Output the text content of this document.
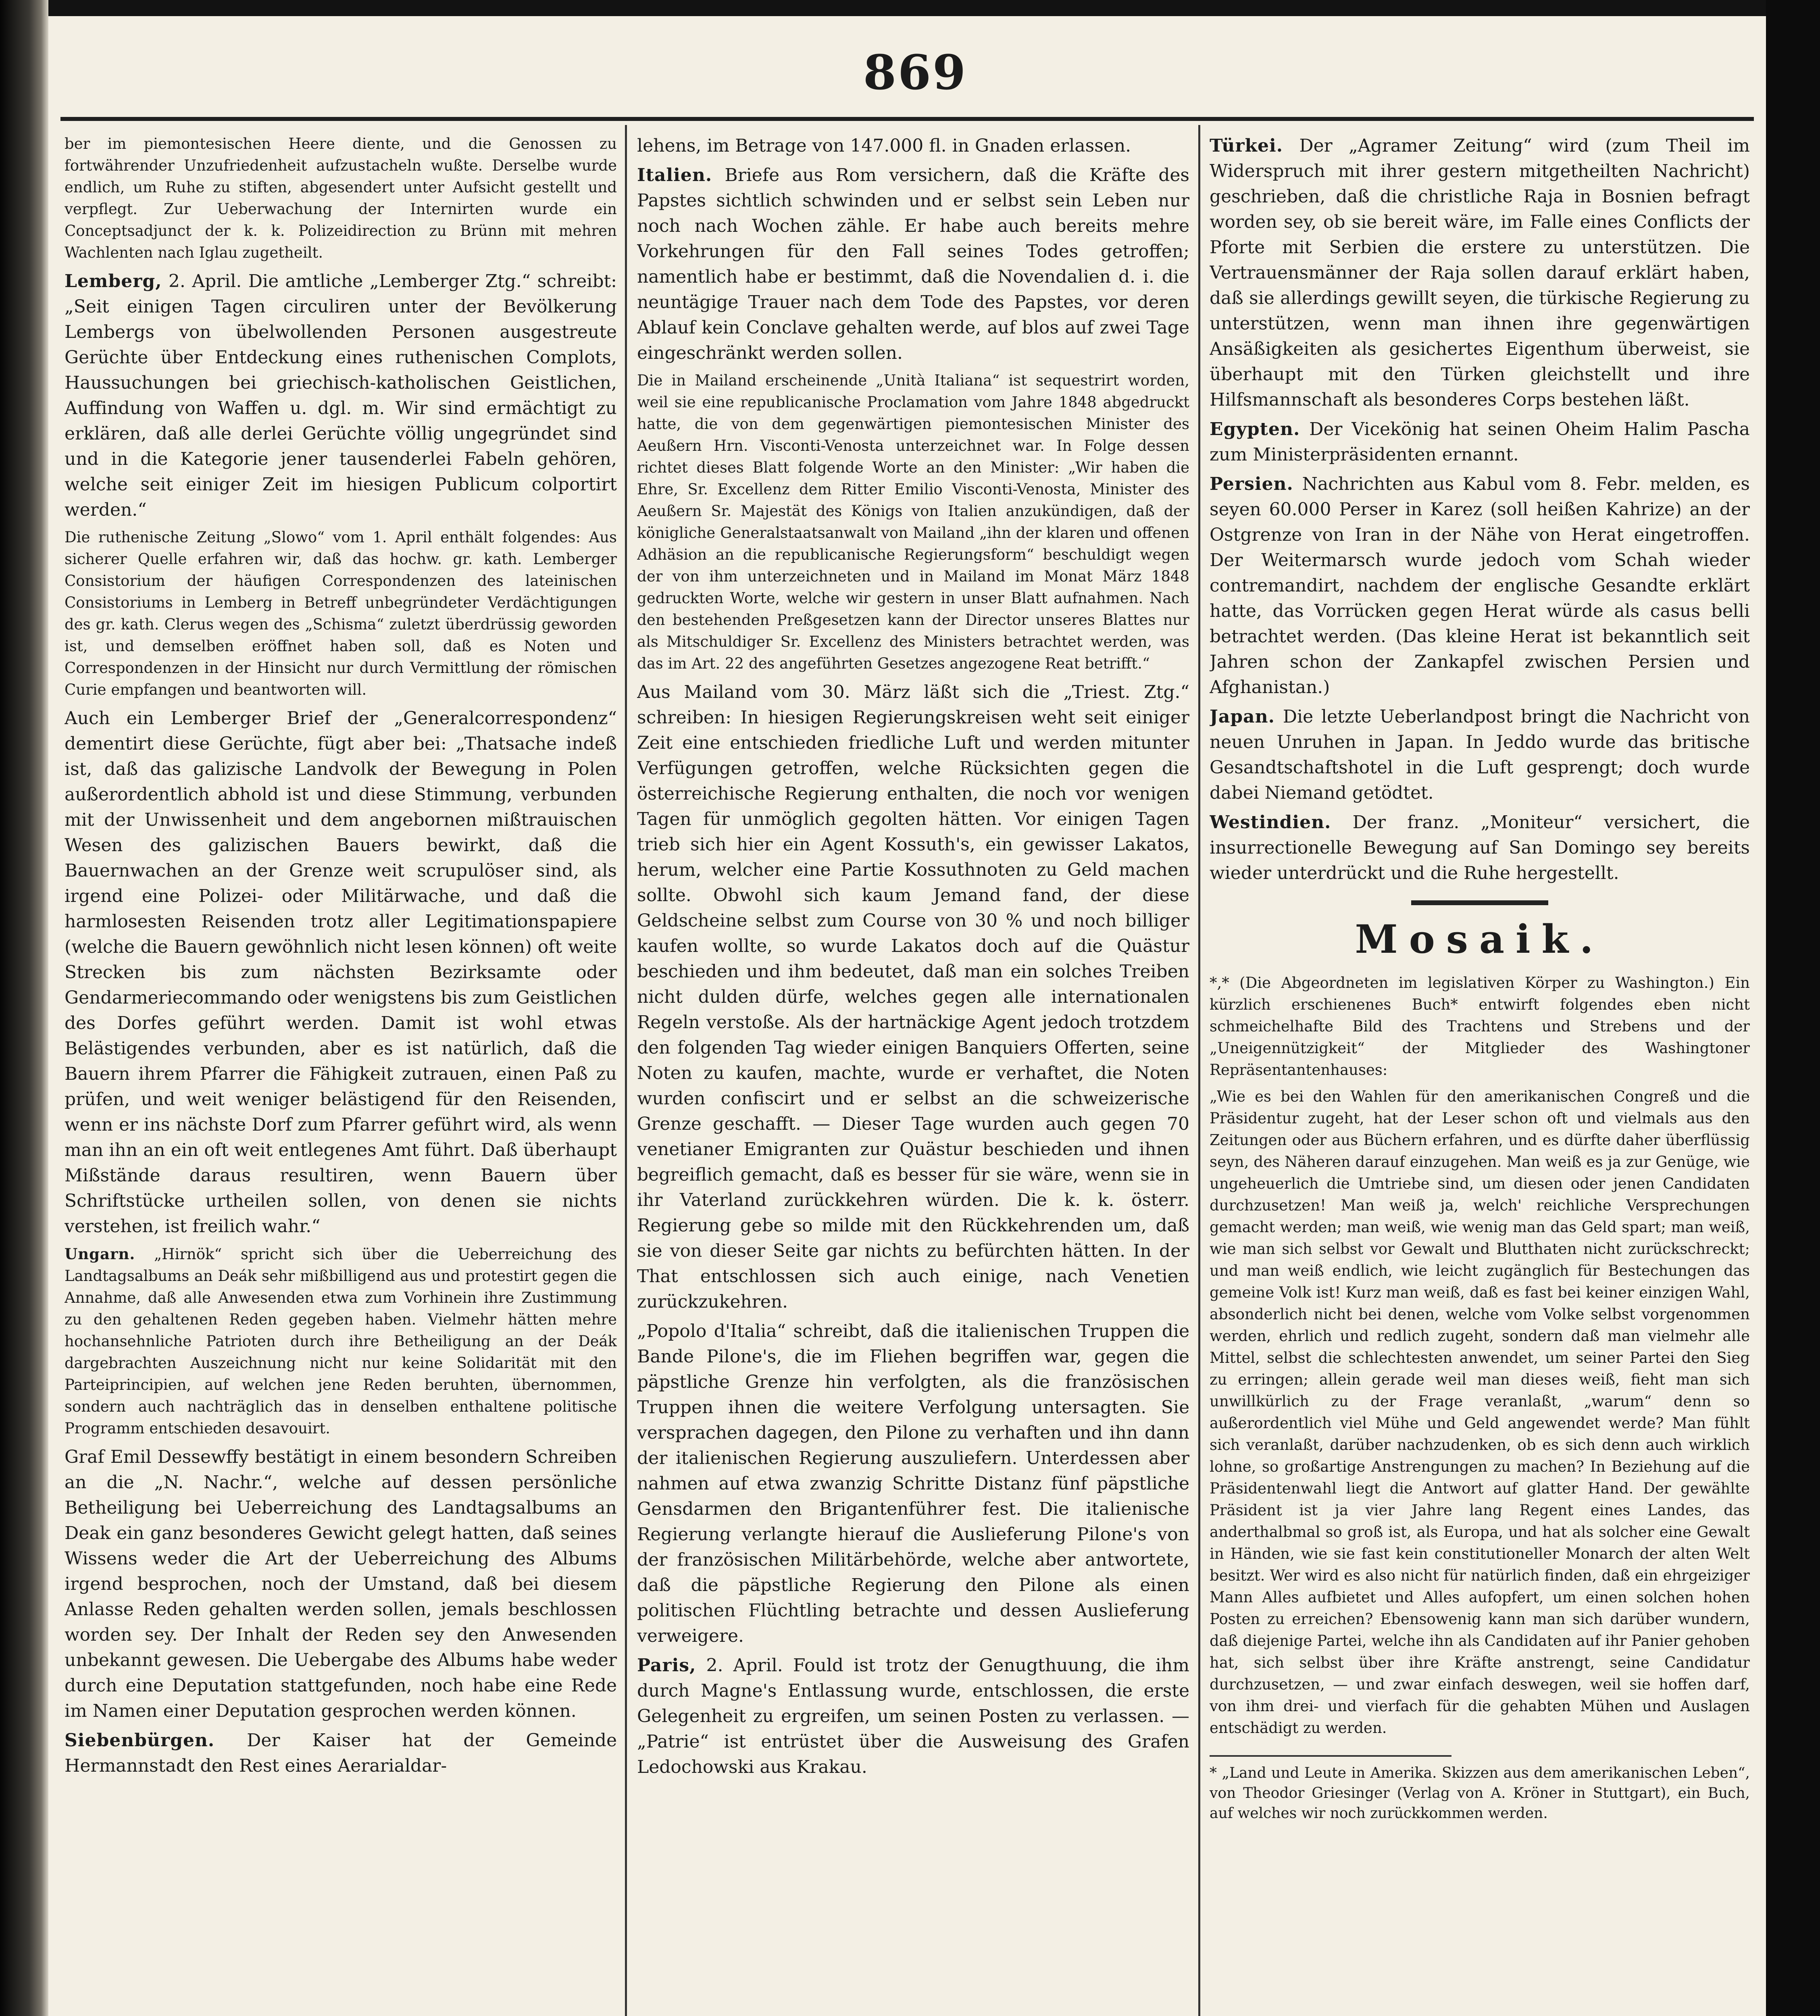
869

ber im piemontesischen Heere diente, und die Genossen zu fortwährender Unzufriedenheit aufzustacheln wußte. Derselbe wurde endlich, um Ruhe zu stiften, abgesendert unter Aufsicht gestellt und verpflegt. Zur Ueberwachung der Internirten wurde ein Conceptsadjunct der k. k. Polizeidirection zu Brünn mit mehren Wachlenten nach Iglau zugetheilt.

Lemberg, 2. April. Die amtliche „Lemberger Ztg.“ schreibt: „Seit einigen Tagen circuliren unter der Bevölkerung Lembergs von übelwollenden Personen ausgestreute Gerüchte über Entdeckung eines ruthenischen Complots, Haussuchungen bei griechisch-katholischen Geistlichen, Auffindung von Waffen u. dgl. m. Wir sind ermächtigt zu erklären, daß alle derlei Gerüchte völlig ungegründet sind und in die Kategorie jener tausenderlei Fabeln gehören, welche seit einiger Zeit im hiesigen Publicum colportirt werden.“

Die ruthenische Zeitung „Slowo“ vom 1. April enthält folgendes: Aus sicherer Quelle erfahren wir, daß das hochw. gr. kath. Lemberger Consistorium der häufigen Correspondenzen des lateinischen Consistoriums in Lemberg in Betreff unbegründeter Verdächtigungen des gr. kath. Clerus wegen des „Schisma“ zuletzt überdrüssig geworden ist, und demselben eröffnet haben soll, daß es Noten und Correspondenzen in der Hinsicht nur durch Vermittlung der römischen Curie empfangen und beantworten will.

Auch ein Lemberger Brief der „Generalcorrespondenz“ dementirt diese Gerüchte, fügt aber bei: „Thatsache indeß ist, daß das galizische Landvolk der Bewegung in Polen außerordentlich abhold ist und diese Stimmung, verbunden mit der Unwissenheit und dem angebornen mißtrauischen Wesen des galizischen Bauers bewirkt, daß die Bauernwachen an der Grenze weit scrupulöser sind, als irgend eine Polizei- oder Militärwache, und daß die harmlosesten Reisenden trotz aller Legitimationspapiere (welche die Bauern gewöhnlich nicht lesen können) oft weite Strecken bis zum nächsten Bezirksamte oder Gendarmeriecommando oder wenigstens bis zum Geistlichen des Dorfes geführt werden. Damit ist wohl etwas Belästigendes verbunden, aber es ist natürlich, daß die Bauern ihrem Pfarrer die Fähigkeit zutrauen, einen Paß zu prüfen, und weit weniger belästigend für den Reisenden, wenn er ins nächste Dorf zum Pfarrer geführt wird, als wenn man ihn an ein oft weit entlegenes Amt führt. Daß überhaupt Mißstände daraus resultiren, wenn Bauern über Schriftstücke urtheilen sollen, von denen sie nichts verstehen, ist freilich wahr.“

Ungarn. „Hirnök“ spricht sich über die Ueberreichung des Landtagsalbums an Deák sehr mißbilligend aus und protestirt gegen die Annahme, daß alle Anwesenden etwa zum Vorhinein ihre Zustimmung zu den gehaltenen Reden gegeben haben. Vielmehr hätten mehre hochansehnliche Patrioten durch ihre Betheiligung an der Deák dargebrachten Auszeichnung nicht nur keine Solidarität mit den Parteiprincipien, auf welchen jene Reden beruhten, übernommen, sondern auch nachträglich das in denselben enthaltene politische Programm entschieden desavouirt.

Graf Emil Dessewffy bestätigt in einem besondern Schreiben an die „N. Nachr.“, welche auf dessen persönliche Betheiligung bei Ueberreichung des Landtagsalbums an Deak ein ganz besonderes Gewicht gelegt hatten, daß seines Wissens weder die Art der Ueberreichung des Albums irgend besprochen, noch der Umstand, daß bei diesem Anlasse Reden gehalten werden sollen, jemals beschlossen worden sey. Der Inhalt der Reden sey den Anwesenden unbekannt gewesen. Die Uebergabe des Albums habe weder durch eine Deputation stattgefunden, noch habe eine Rede im Namen einer Deputation gesprochen werden können.

Siebenbürgen. Der Kaiser hat der Gemeinde Hermannstadt den Rest eines Aerarialdar-

lehens, im Betrage von 147.000 fl. in Gnaden erlassen.

Italien. Briefe aus Rom versichern, daß die Kräfte des Papstes sichtlich schwinden und er selbst sein Leben nur noch nach Wochen zähle. Er habe auch bereits mehre Vorkehrungen für den Fall seines Todes getroffen; namentlich habe er bestimmt, daß die Novendalien d. i. die neuntägige Trauer nach dem Tode des Papstes, vor deren Ablauf kein Conclave gehalten werde, auf blos auf zwei Tage eingeschränkt werden sollen.

Die in Mailand erscheinende „Unità Italiana“ ist sequestrirt worden, weil sie eine republicanische Proclamation vom Jahre 1848 abgedruckt hatte, die von dem gegenwärtigen piemontesischen Minister des Aeußern Hrn. Visconti-Venosta unterzeichnet war. In Folge dessen richtet dieses Blatt folgende Worte an den Minister: „Wir haben die Ehre, Sr. Excellenz dem Ritter Emilio Visconti-Venosta, Minister des Aeußern Sr. Majestät des Königs von Italien anzukündigen, daß der königliche Generalstaatsanwalt von Mailand „ihn der klaren und offenen Adhäsion an die republicanische Regierungsform“ beschuldigt wegen der von ihm unterzeichneten und in Mailand im Monat März 1848 gedruckten Worte, welche wir gestern in unser Blatt aufnahmen. Nach den bestehenden Preßgesetzen kann der Director unseres Blattes nur als Mitschuldiger Sr. Excellenz des Ministers betrachtet werden, was das im Art. 22 des angeführten Gesetzes angezogene Reat betrifft.“

Aus Mailand vom 30. März läßt sich die „Triest. Ztg.“ schreiben: In hiesigen Regierungskreisen weht seit einiger Zeit eine entschieden friedliche Luft und werden mitunter Verfügungen getroffen, welche Rücksichten gegen die österreichische Regierung enthalten, die noch vor wenigen Tagen für unmöglich gegolten hätten. Vor einigen Tagen trieb sich hier ein Agent Kossuth's, ein gewisser Lakatos, herum, welcher eine Partie Kossuthnoten zu Geld machen sollte. Obwohl sich kaum Jemand fand, der diese Geldscheine selbst zum Course von 30 % und noch billiger kaufen wollte, so wurde Lakatos doch auf die Quästur beschieden und ihm bedeutet, daß man ein solches Treiben nicht dulden dürfe, welches gegen alle internationalen Regeln verstoße. Als der hartnäckige Agent jedoch trotzdem den folgenden Tag wieder einigen Banquiers Offerten, seine Noten zu kaufen, machte, wurde er verhaftet, die Noten wurden confiscirt und er selbst an die schweizerische Grenze geschafft. — Dieser Tage wurden auch gegen 70 venetianer Emigranten zur Quästur beschieden und ihnen begreiflich gemacht, daß es besser für sie wäre, wenn sie in ihr Vaterland zurückkehren würden. Die k. k. österr. Regierung gebe so milde mit den Rückkehrenden um, daß sie von dieser Seite gar nichts zu befürchten hätten. In der That entschlossen sich auch einige, nach Venetien zurückzukehren.

„Popolo d'Italia“ schreibt, daß die italienischen Truppen die Bande Pilone's, die im Fliehen begriffen war, gegen die päpstliche Grenze hin verfolgten, als die französischen Truppen ihnen die weitere Verfolgung untersagten. Sie versprachen dagegen, den Pilone zu verhaften und ihn dann der italienischen Regierung auszuliefern. Unterdessen aber nahmen auf etwa zwanzig Schritte Distanz fünf päpstliche Gensdarmen den Brigantenführer fest. Die italienische Regierung verlangte hierauf die Auslieferung Pilone's von der französischen Militärbehörde, welche aber antwortete, daß die päpstliche Regierung den Pilone als einen politischen Flüchtling betrachte und dessen Auslieferung verweigere.

Paris, 2. April. Fould ist trotz der Genugthuung, die ihm durch Magne's Entlassung wurde, entschlossen, die erste Gelegenheit zu ergreifen, um seinen Posten zu verlassen. — „Patrie“ ist entrüstet über die Ausweisung des Grafen Ledochowski aus Krakau.

Türkei. Der „Agramer Zeitung“ wird (zum Theil im Widerspruch mit ihrer gestern mitgetheilten Nachricht) geschrieben, daß die christliche Raja in Bosnien befragt worden sey, ob sie bereit wäre, im Falle eines Conflicts der Pforte mit Serbien die erstere zu unterstützen. Die Vertrauensmänner der Raja sollen darauf erklärt haben, daß sie allerdings gewillt seyen, die türkische Regierung zu unterstützen, wenn man ihnen ihre gegenwärtigen Ansäßigkeiten als gesichertes Eigenthum überweist, sie überhaupt mit den Türken gleichstellt und ihre Hilfsmannschaft als besonderes Corps bestehen läßt.

Egypten. Der Vicekönig hat seinen Oheim Halim Pascha zum Ministerpräsidenten ernannt.

Persien. Nachrichten aus Kabul vom 8. Febr. melden, es seyen 60.000 Perser in Karez (soll heißen Kahrize) an der Ostgrenze von Iran in der Nähe von Herat eingetroffen. Der Weitermarsch wurde jedoch vom Schah wieder contremandirt, nachdem der englische Gesandte erklärt hatte, das Vorrücken gegen Herat würde als casus belli betrachtet werden. (Das kleine Herat ist bekanntlich seit Jahren schon der Zankapfel zwischen Persien und Afghanistan.)

Japan. Die letzte Ueberlandpost bringt die Nachricht von neuen Unruhen in Japan. In Jeddo wurde das britische Gesandtschaftshotel in die Luft gesprengt; doch wurde dabei Niemand getödtet.

Westindien. Der franz. „Moniteur“ versichert, die insurrectionelle Bewegung auf San Domingo sey bereits wieder unterdrückt und die Ruhe hergestellt.

Mosaik.

*,* (Die Abgeordneten im legislativen Körper zu Washington.) Ein kürzlich erschienenes Buch* entwirft folgendes eben nicht schmeichelhafte Bild des Trachtens und Strebens und der „Uneigennützigkeit“ der Mitglieder des Washingtoner Repräsentantenhauses:

„Wie es bei den Wahlen für den amerikanischen Congreß und die Präsidentur zugeht, hat der Leser schon oft und vielmals aus den Zeitungen oder aus Büchern erfahren, und es dürfte daher überflüssig seyn, des Näheren darauf einzugehen. Man weiß es ja zur Genüge, wie ungeheuerlich die Umtriebe sind, um diesen oder jenen Candidaten durchzusetzen! Man weiß ja, welch' reichliche Versprechungen gemacht werden; man weiß, wie wenig man das Geld spart; man weiß, wie man sich selbst vor Gewalt und Blutthaten nicht zurückschreckt; und man weiß endlich, wie leicht zugänglich für Bestechungen das gemeine Volk ist! Kurz man weiß, daß es fast bei keiner einzigen Wahl, absonderlich nicht bei denen, welche vom Volke selbst vorgenommen werden, ehrlich und redlich zugeht, sondern daß man vielmehr alle Mittel, selbst die schlechtesten anwendet, um seiner Partei den Sieg zu erringen; allein gerade weil man dieses weiß, fieht man sich unwillkürlich zu der Frage veranlaßt, „warum“ denn so außerordentlich viel Mühe und Geld angewendet werde? Man fühlt sich veranlaßt, darüber nachzudenken, ob es sich denn auch wirklich lohne, so großartige Anstrengungen zu machen? In Beziehung auf die Präsidentenwahl liegt die Antwort auf glatter Hand. Der gewählte Präsident ist ja vier Jahre lang Regent eines Landes, das anderthalbmal so groß ist, als Europa, und hat als solcher eine Gewalt in Händen, wie sie fast kein constitutioneller Monarch der alten Welt besitzt. Wer wird es also nicht für natürlich finden, daß ein ehrgeiziger Mann Alles aufbietet und Alles aufopfert, um einen solchen hohen Posten zu erreichen? Ebensowenig kann man sich darüber wundern, daß diejenige Partei, welche ihn als Candidaten auf ihr Panier gehoben hat, sich selbst über ihre Kräfte anstrengt, seine Candidatur durchzusetzen, — und zwar einfach deswegen, weil sie hoffen darf, von ihm drei- und vierfach für die gehabten Mühen und Auslagen entschädigt zu werden.

* „Land und Leute in Amerika. Skizzen aus dem amerikanischen Leben“, von Theodor Griesinger (Verlag von A. Kröner in Stuttgart), ein Buch, auf welches wir noch zurückkommen werden.
